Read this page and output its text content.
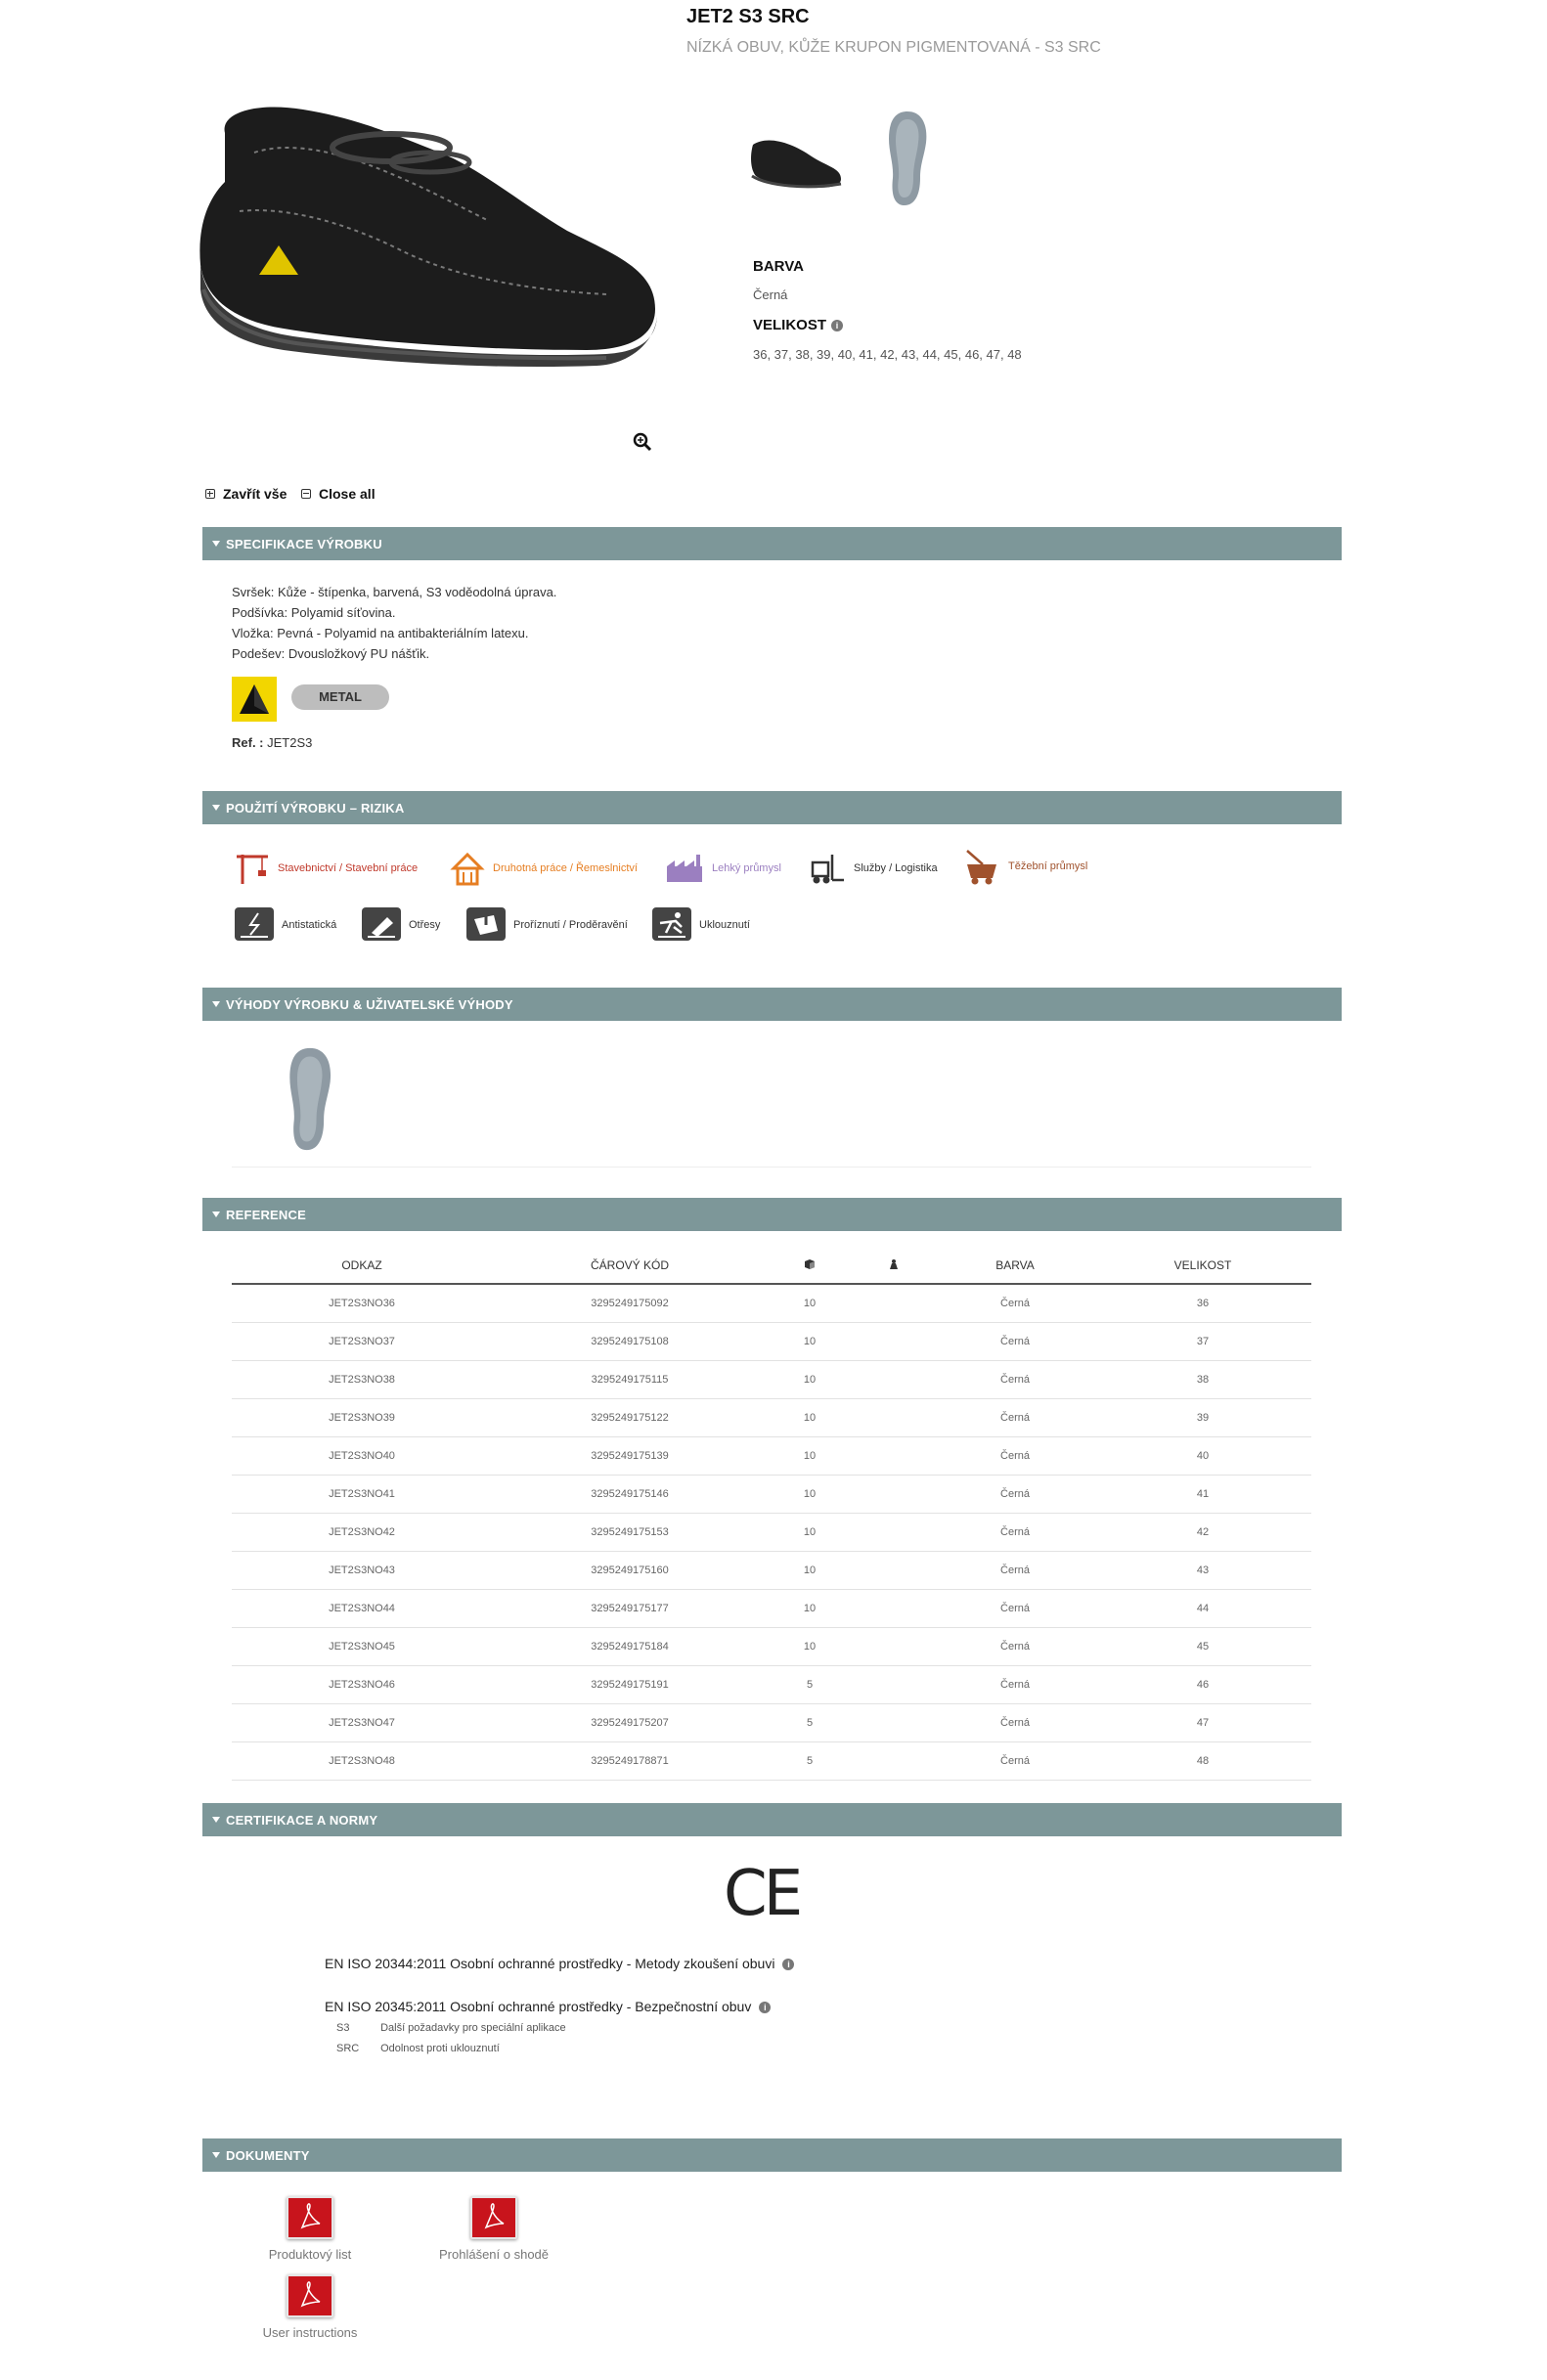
JET2 S3 SRC
NÍZKÁ OBUV, KŮŽE KRUPON PIGMENTOVANÁ - S3 SRC
BARVA
Černá
VELIKOST	i
36, 37, 38, 39, 40, 41, 42, 43, 44, 45, 46, 47, 48
Zavřít vše Close all
SPECIFIKACE VÝROBKU
Svršek: Kůže - štípenka, barvená, S3 voděodolná úprava.
Podšívka: Polyamid síťovina.
Vložka: Pevná - Polyamid na antibakteriálním latexu.
Podešev: Dvousložkový PU nášťik.
METAL
Ref. : JET2S3
POUŽITÍ VÝROBKU – RIZIKA
Stavebnictví / Stavební práce	Druhotná práce / Řemeslnictví	Lehký průmysl	Služby / Logistika	Těžební průmysl
Antistatická	Otřesy	Proříznutí / Proděravění	Uklouznutí
VÝHODY VÝROBKU & UŽIVATELSKÉ VÝHODY
REFERENCE
ODKAZ	ČÁROVÝ KÓD			BARVA	VELIKOST
JET2S3NO36	3295249175092	10		Černá	36
JET2S3NO37	3295249175108	10		Černá	37
JET2S3NO38	3295249175115	10		Černá	38
JET2S3NO39	3295249175122	10		Černá	39
JET2S3NO40	3295249175139	10		Černá	40
JET2S3NO41	3295249175146	10		Černá	41
JET2S3NO42	3295249175153	10		Černá	42
JET2S3NO43	3295249175160	10		Černá	43
JET2S3NO44	3295249175177	10		Černá	44
JET2S3NO45	3295249175184	10		Černá	45
JET2S3NO46	3295249175191	5		Černá	46
JET2S3NO47	3295249175207	5		Černá	47
JET2S3NO48	3295249178871	5		Černá	48
CERTIFIKACE A NORMY
CE
EN ISO 20344:2011 Osobní ochranné prostředky - Metody zkoušení obuvi i
EN ISO 20345:2011 Osobní ochranné prostředky - Bezpečnostní obuv i
S3	Další požadavky pro speciální aplikace
SRC Odolnost proti uklouznutí
DOKUMENTY
Produktový list	Prohlášení o shodě
User instructions
